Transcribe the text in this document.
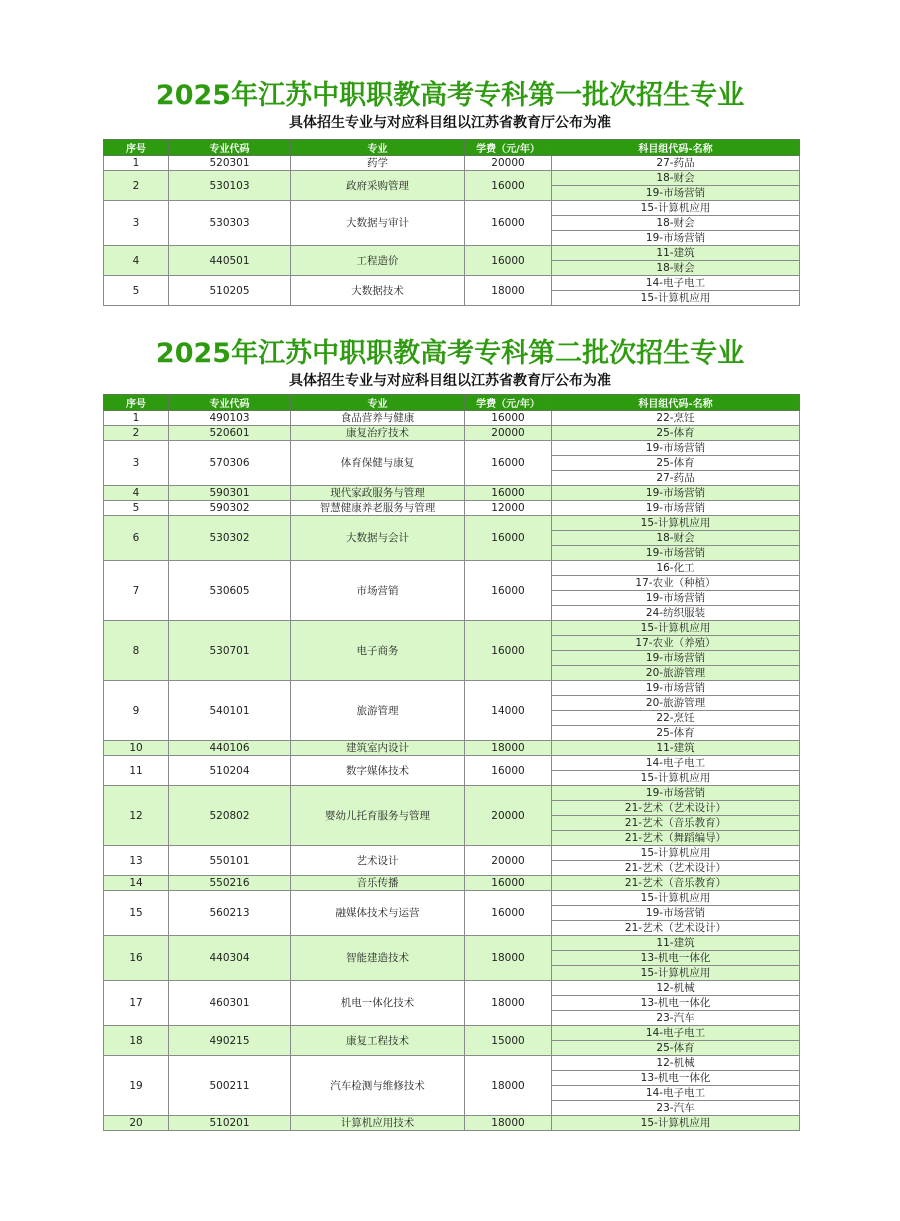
2025年江苏中职职教高考专科第一批次招生专业
具体招生专业与对应科目组以江苏省教育厅公布为准
序号	专业代码	专业	学费（元/年）	科目组代码-名称
1	520301	药学	20000	27-药品
2	530103	政府采购管理	16000	18-财会
				19-市场营销
3	530303	大数据与审计	16000	15-计算机应用
				18-财会
				19-市场营销
4	440501	工程造价	16000	11-建筑
				18-财会
5	510205	大数据技术	18000	14-电子电工
				15-计算机应用
2025年江苏中职职教高考专科第二批次招生专业
具体招生专业与对应科目组以江苏省教育厅公布为准
序号	专业代码	专业	学费（元/年）	科目组代码-名称
1	490103	食品营养与健康	16000	22-烹饪
2	520601	康复治疗技术	20000	25-体育
3	570306	体育保健与康复	16000	19-市场营销
				25-体育
				27-药品
4	590301	现代家政服务与管理	16000	19-市场营销
5	590302	智慧健康养老服务与管理	12000	19-市场营销
6	530302	大数据与会计	16000	15-计算机应用
				18-财会
				19-市场营销
7	530605	市场营销	16000	16-化工
				17-农业（种植）
				19-市场营销
				24-纺织服装
8	530701	电子商务	16000	15-计算机应用
				17-农业（养殖）
				19-市场营销
				20-旅游管理
9	540101	旅游管理	14000	19-市场营销
				20-旅游管理
				22-烹饪
				25-体育
10	440106	建筑室内设计	18000	11-建筑
11	510204	数字媒体技术	16000	14-电子电工
				15-计算机应用
12	520802	婴幼儿托育服务与管理	20000	19-市场营销
				21-艺术（艺术设计）
				21-艺术（音乐教育）
				21-艺术（舞蹈编导）
13	550101	艺术设计	20000	15-计算机应用
				21-艺术（艺术设计）
14	550216	音乐传播	16000	21-艺术（音乐教育）
15	560213	融媒体技术与运营	16000	15-计算机应用
				19-市场营销
				21-艺术（艺术设计）
16	440304	智能建造技术	18000	11-建筑
				13-机电一体化
				15-计算机应用
17	460301	机电一体化技术	18000	12-机械
				13-机电一体化
				23-汽车
18	490215	康复工程技术	15000	14-电子电工
				25-体育
19	500211	汽车检测与维修技术	18000	12-机械
				13-机电一体化
				14-电子电工
				23-汽车
20	510201	计算机应用技术	18000	15-计算机应用
